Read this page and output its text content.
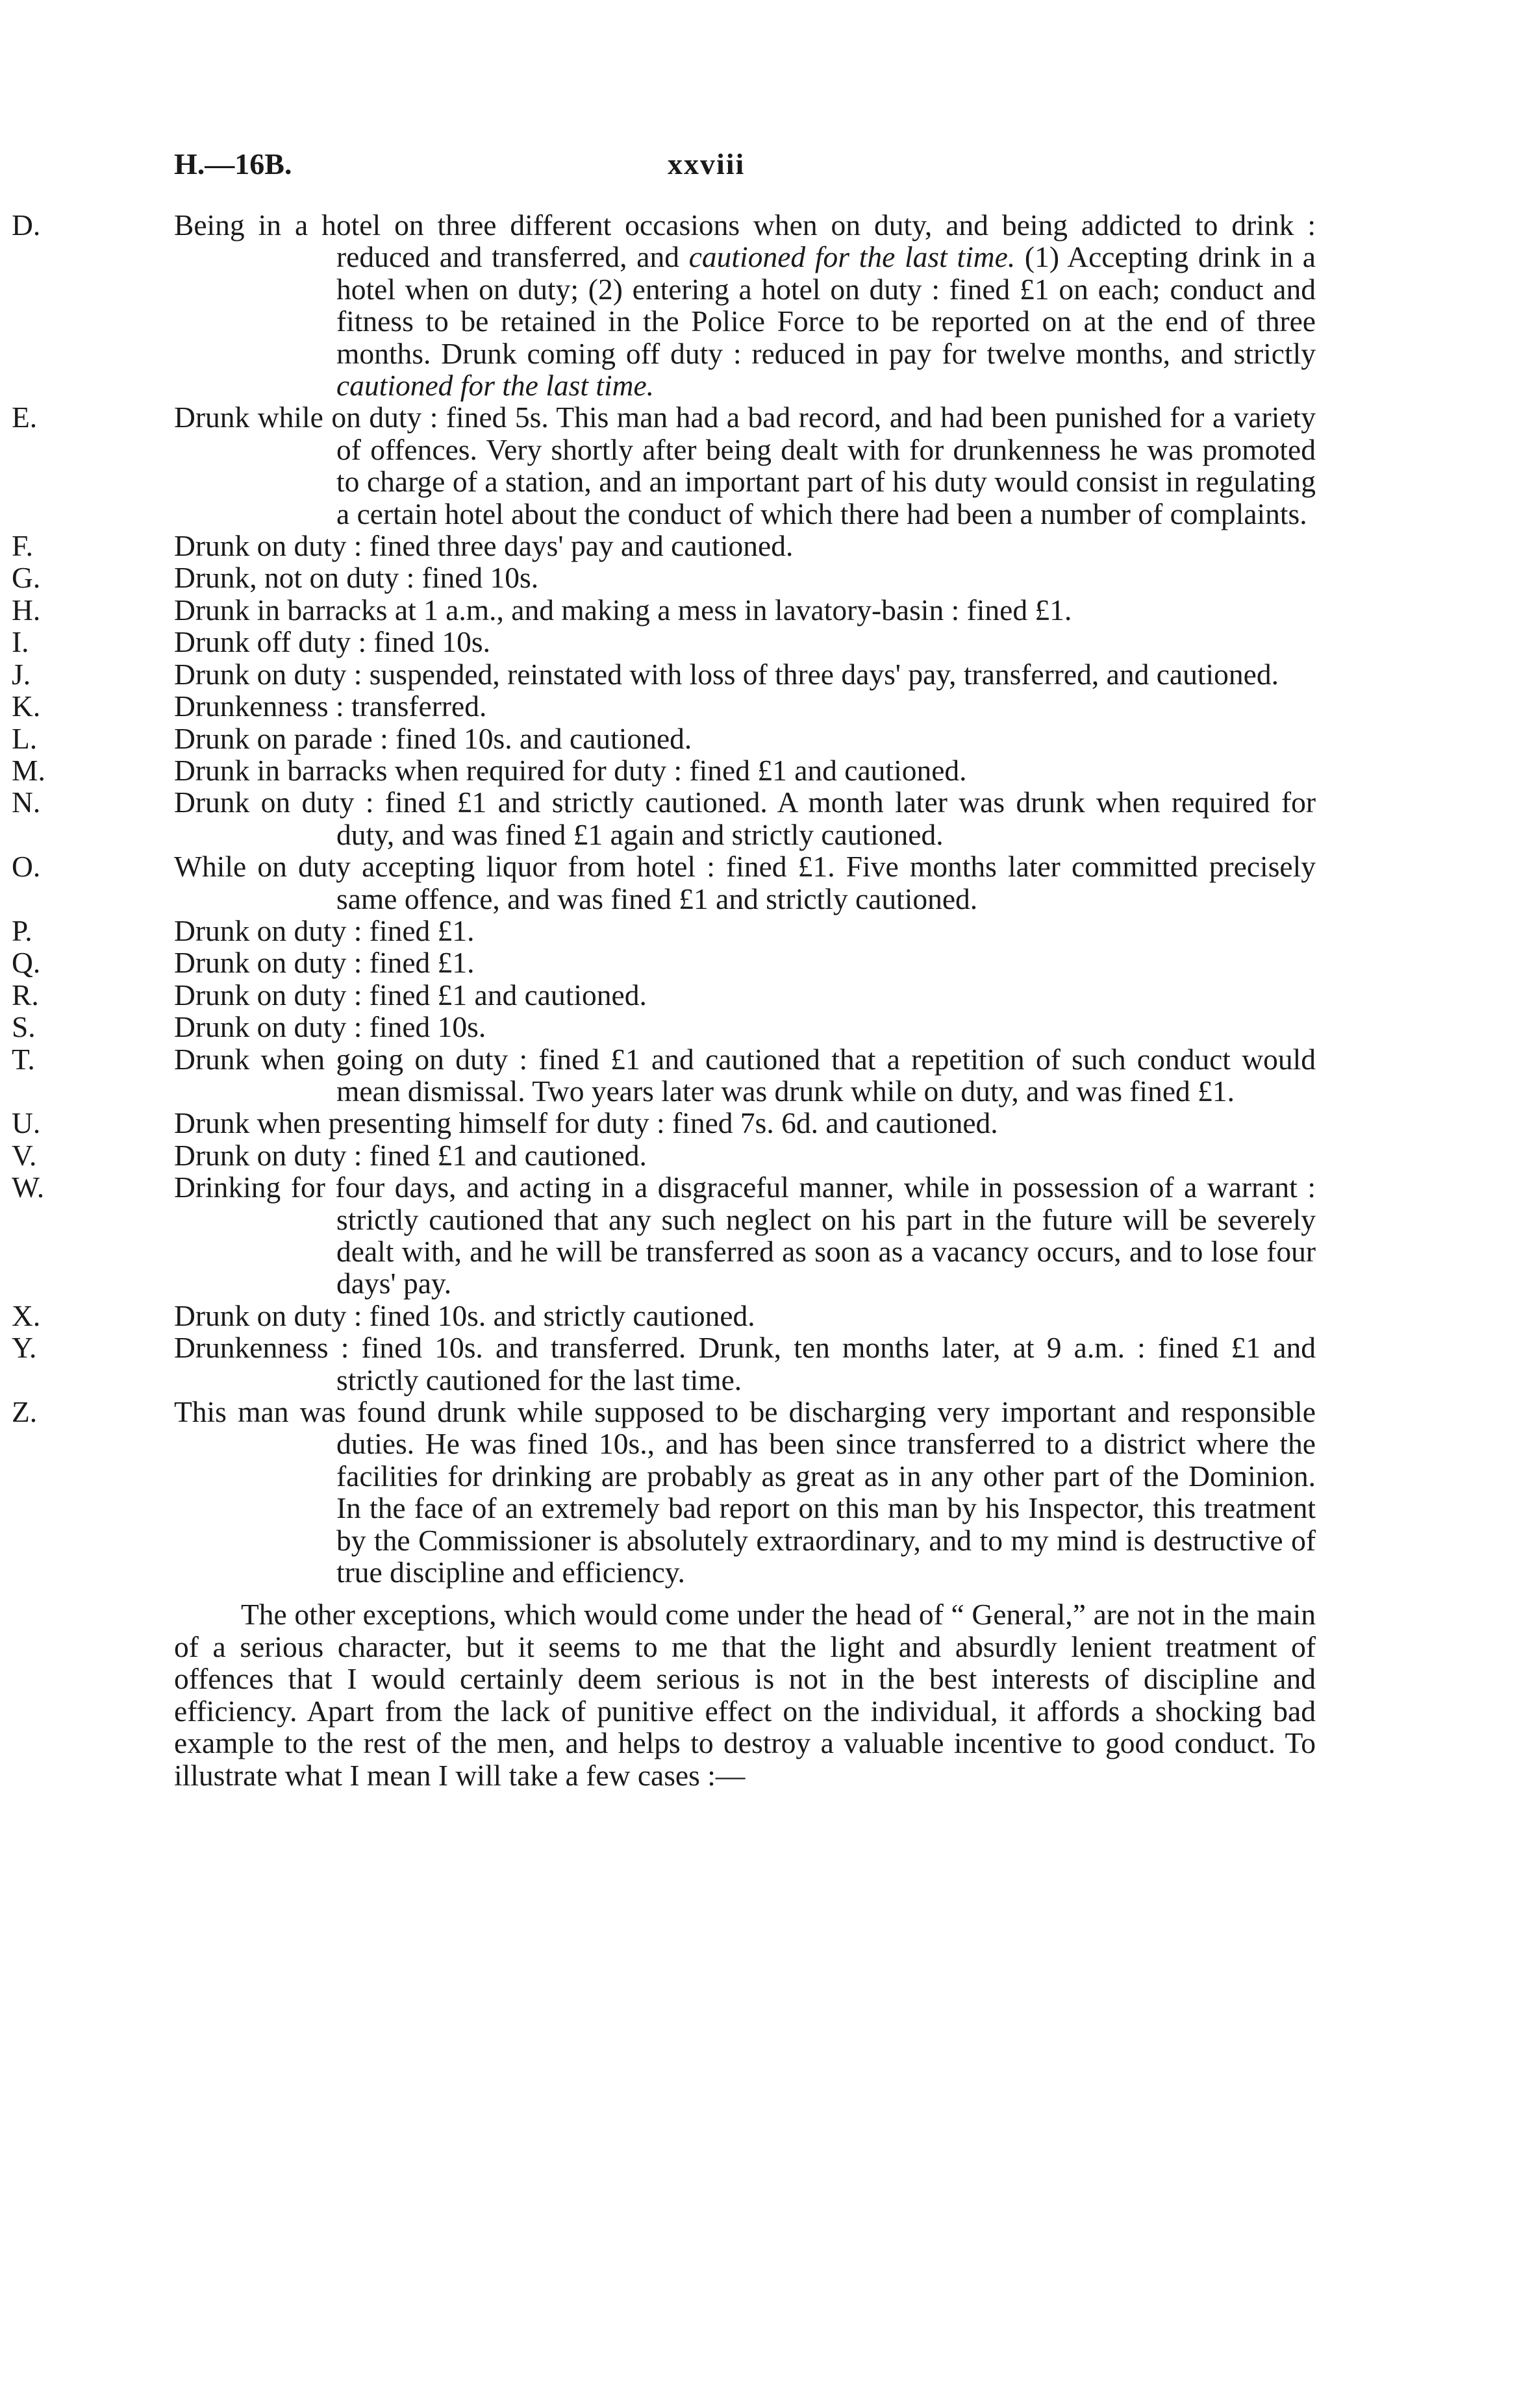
H.—16B.	xxviii

D.	Being in a hotel on three different occasions when on duty, and being addicted to drink : reduced and transferred, and cautioned for the last time. (1) Accepting drink in a hotel when on duty; (2) entering a hotel on duty : fined £1 on each; conduct and fitness to be retained in the Police Force to be reported on at the end of three months. Drunk coming off duty : reduced in pay for twelve months, and strictly cautioned for the last time.

E.	Drunk while on duty : fined 5s. This man had a bad record, and had been punished for a variety of offences. Very shortly after being dealt with for drunkenness he was promoted to charge of a station, and an important part of his duty would consist in regulating a certain hotel about the conduct of which there had been a number of complaints.

F.	Drunk on duty : fined three days' pay and cautioned.

G.	Drunk, not on duty : fined 10s.

H.	Drunk in barracks at 1 a.m., and making a mess in lavatory-basin : fined £1.

I.	Drunk off duty : fined 10s.

J.	Drunk on duty : suspended, reinstated with loss of three days' pay, transferred, and cautioned.

K.	Drunkenness : transferred.

L.	Drunk on parade : fined 10s. and cautioned.

M.	Drunk in barracks when required for duty : fined £1 and cautioned.

N.	Drunk on duty : fined £1 and strictly cautioned. A month later was drunk when required for duty, and was fined £1 again and strictly cautioned.

O.	While on duty accepting liquor from hotel : fined £1. Five months later committed precisely same offence, and was fined £1 and strictly cautioned.

P.	Drunk on duty : fined £1.

Q.	Drunk on duty : fined £1.

R.	Drunk on duty : fined £1 and cautioned.

S.	Drunk on duty : fined 10s.

T.	Drunk when going on duty : fined £1 and cautioned that a repetition of such conduct would mean dismissal. Two years later was drunk while on duty, and was fined £1.

U.	Drunk when presenting himself for duty : fined 7s. 6d. and cautioned.

V.	Drunk on duty : fined £1 and cautioned.

W.	Drinking for four days, and acting in a disgraceful manner, while in possession of a warrant : strictly cautioned that any such neglect on his part in the future will be severely dealt with, and he will be transferred as soon as a vacancy occurs, and to lose four days' pay.

X.	Drunk on duty : fined 10s. and strictly cautioned.

Y.	Drunkenness : fined 10s. and transferred. Drunk, ten months later, at 9 a.m. : fined £1 and strictly cautioned for the last time.

Z.	This man was found drunk while supposed to be discharging very important and responsible duties. He was fined 10s., and has been since transferred to a district where the facilities for drinking are probably as great as in any other part of the Dominion. In the face of an extremely bad report on this man by his Inspector, this treatment by the Commissioner is absolutely extraordinary, and to my mind is destructive of true discipline and efficiency.

The other exceptions, which would come under the head of “ General,” are not in the main of a serious character, but it seems to me that the light and absurdly lenient treatment of offences that I would certainly deem serious is not in the best interests of discipline and efficiency. Apart from the lack of punitive effect on the individual, it affords a shocking bad example to the rest of the men, and helps to destroy a valuable incentive to good conduct. To illustrate what I mean I will take a few cases :—
